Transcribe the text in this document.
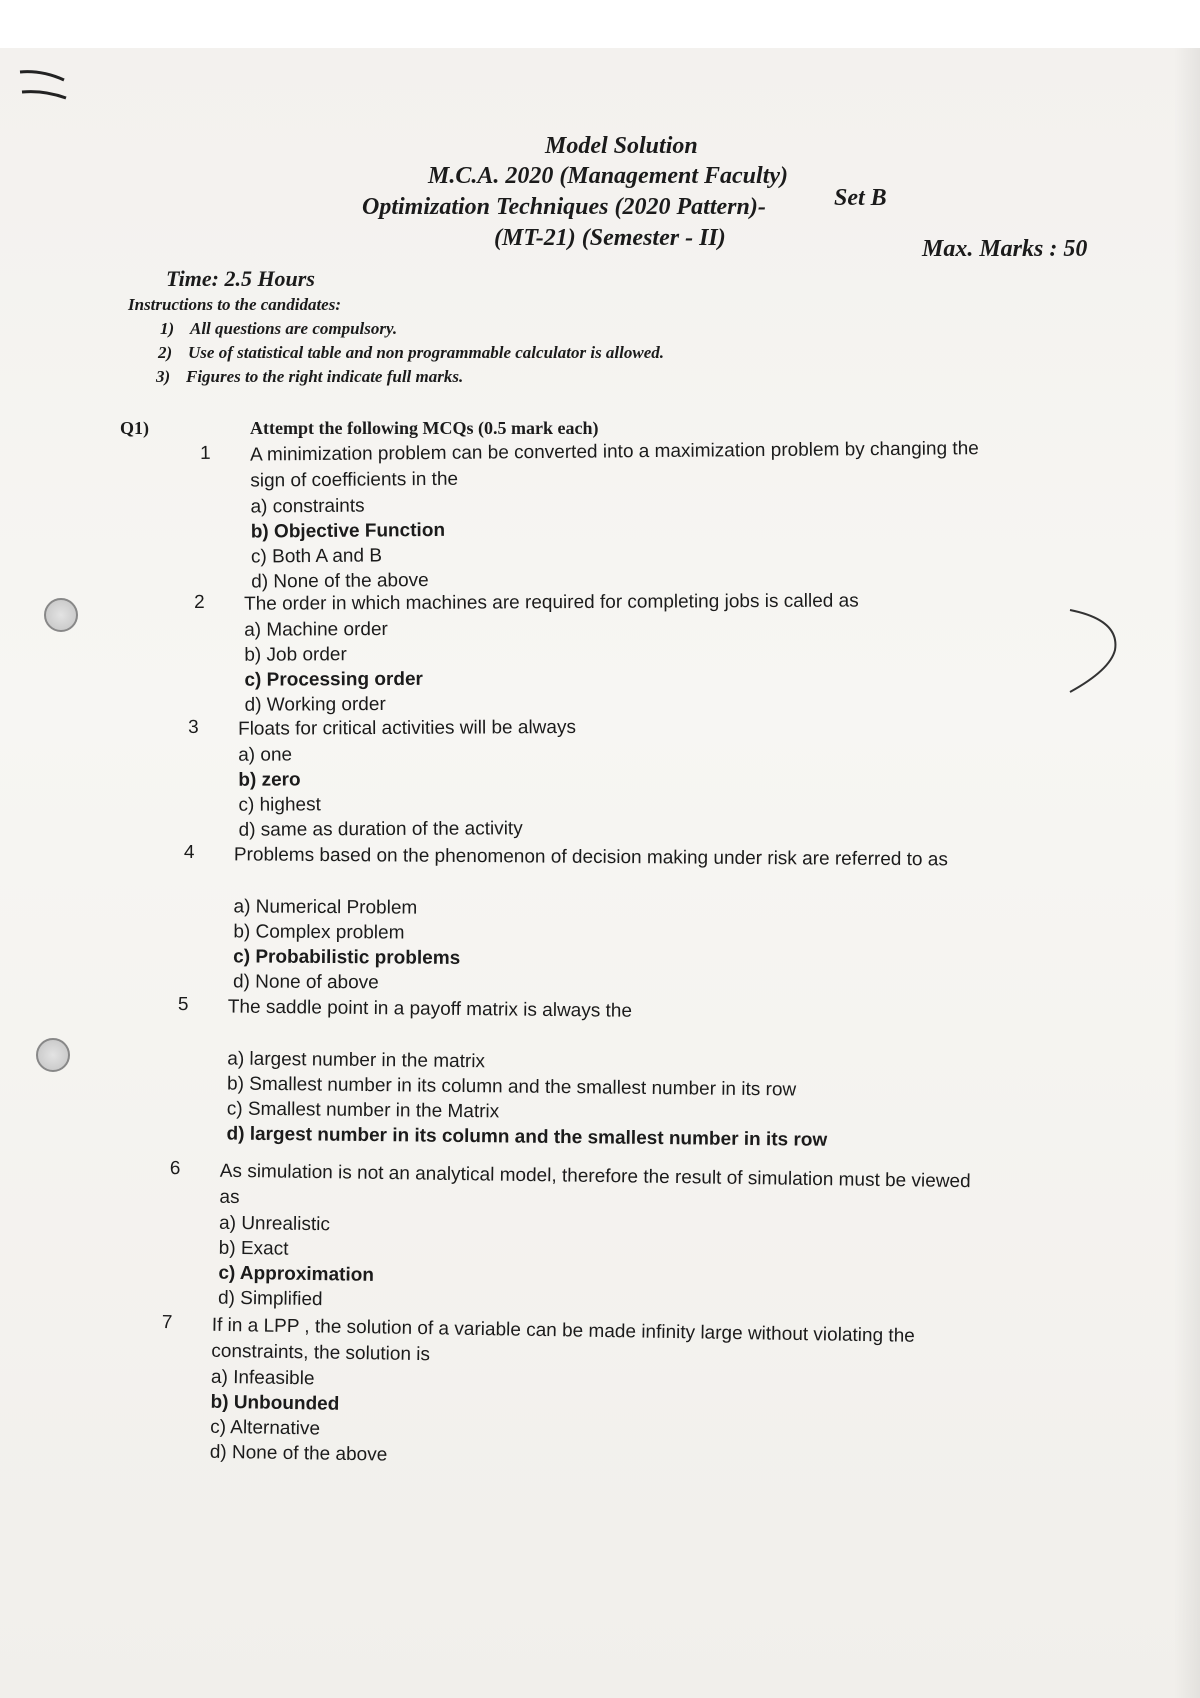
Model Solution
M.C.A. 2020 (Management Faculty)
Optimization Techniques (2020 Pattern)-	Set B
(MT-21) (Semester - II)	Max. Marks : 50
Time: 2.5 Hours
Instructions to the candidates:
1) All questions are compulsory.
2) Use of statistical table and non programmable calculator is allowed.
3) Figures to the right indicate full marks.
Q1)	Attempt the following MCQs (0.5 mark each)
1 A minimization problem can be converted into a maximization problem by changing the
sign of coefficients in the
a) constraints
b) Objective Function
c) Both A and B
d) None of the above
2 The order in which machines are required for completing jobs is called as
a) Machine order
b) Job order
c) Processing order
d) Working order
3 Floats for critical activities will be always
a) one
b) zero
c) highest
d) same as duration of the activity
4 Problems based on the phenomenon of decision making under risk are referred to as

a) Numerical Problem
b) Complex problem
c) Probabilistic problems
d) None of above
5 The saddle point in a payoff matrix is always the

a) largest number in the matrix
b) Smallest number in its column and the smallest number in its row
c) Smallest number in the Matrix
d) largest number in its column and the smallest number in its row
6 As simulation is not an analytical model, therefore the result of simulation must be viewed
as
a) Unrealistic
b) Exact
c) Approximation
d) Simplified
7 If in a LPP , the solution of a variable can be made infinity large without violating the
constraints, the solution is
a) Infeasible
b) Unbounded
c) Alternative
d) None of the above
